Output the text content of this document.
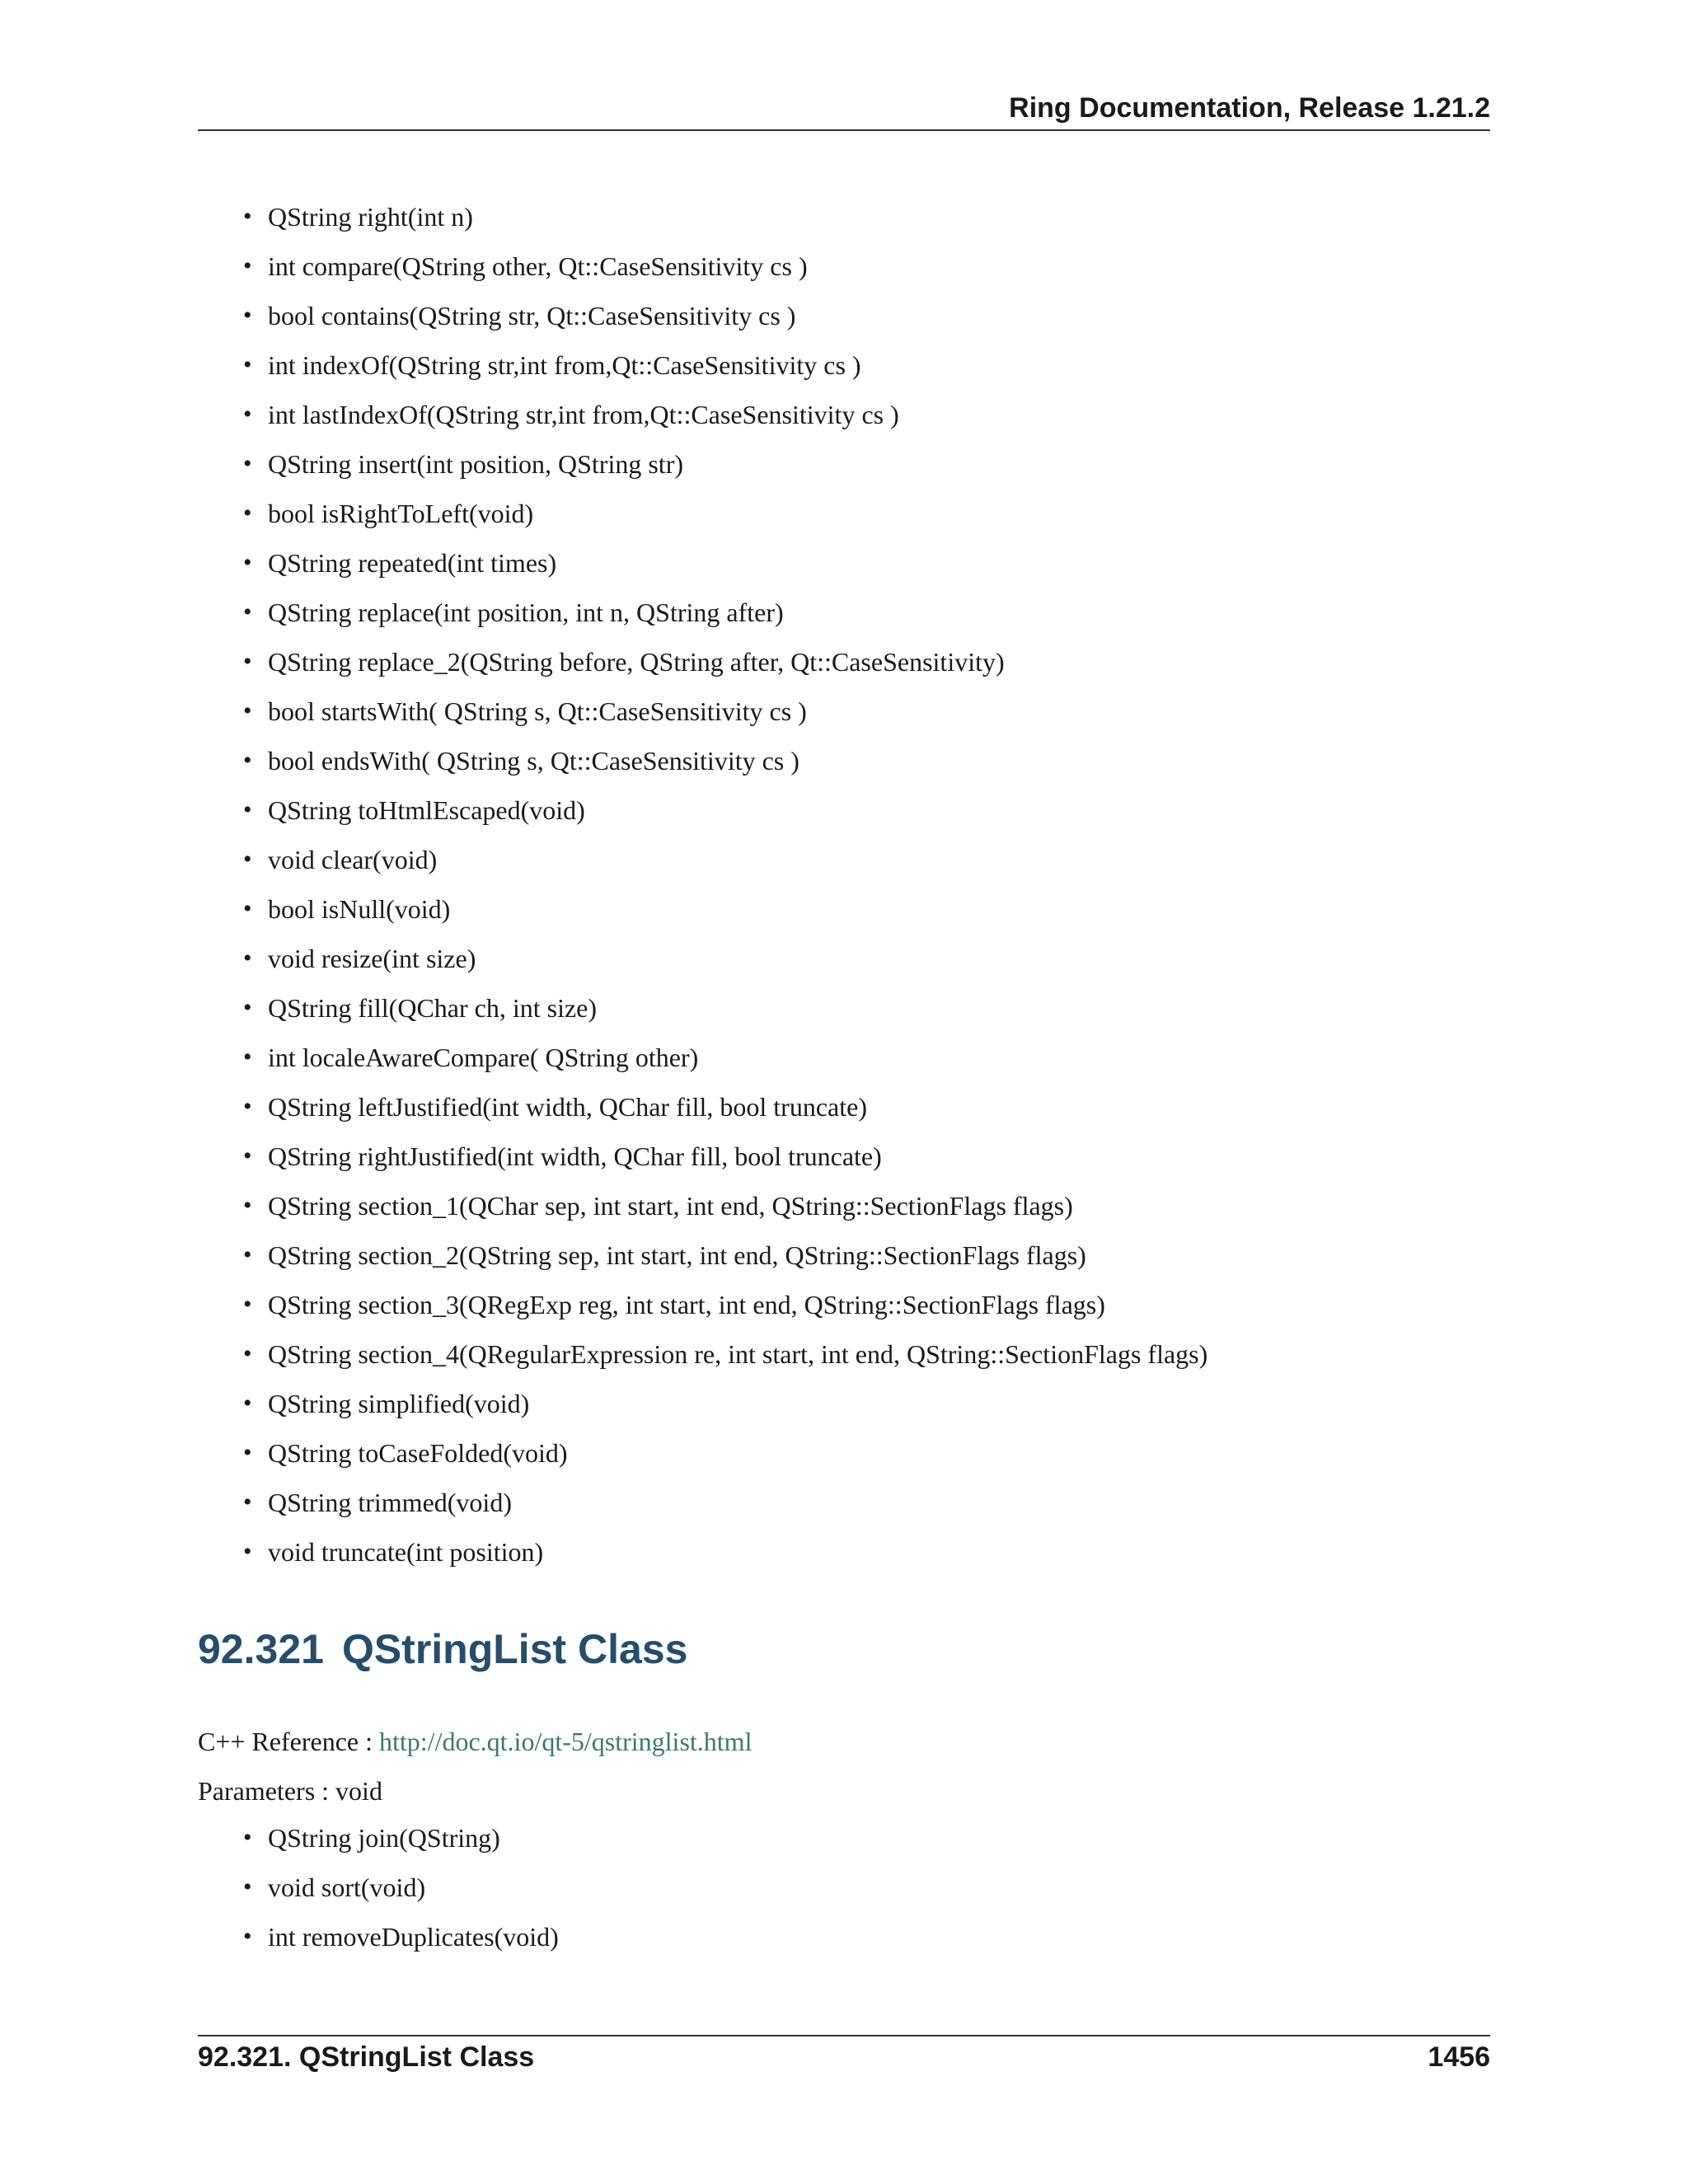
Ring Documentation, Release 1.21.2
• QString right(int n)
• int compare(QString other, Qt::CaseSensitivity cs )
• bool contains(QString str, Qt::CaseSensitivity cs )
• int indexOf(QString str,int from,Qt::CaseSensitivity cs )
• int lastIndexOf(QString str,int from,Qt::CaseSensitivity cs )
• QString insert(int position, QString str)
• bool isRightToLeft(void)
• QString repeated(int times)
• QString replace(int position, int n, QString after)
• QString replace_2(QString before, QString after, Qt::CaseSensitivity)
• bool startsWith( QString s, Qt::CaseSensitivity cs )
• bool endsWith( QString s, Qt::CaseSensitivity cs )
• QString toHtmlEscaped(void)
• void clear(void)
• bool isNull(void)
• void resize(int size)
• QString fill(QChar ch, int size)
• int localeAwareCompare( QString other)
• QString leftJustified(int width, QChar fill, bool truncate)
• QString rightJustified(int width, QChar fill, bool truncate)
• QString section_1(QChar sep, int start, int end, QString::SectionFlags flags)
• QString section_2(QString sep, int start, int end, QString::SectionFlags flags)
• QString section_3(QRegExp reg, int start, int end, QString::SectionFlags flags)
• QString section_4(QRegularExpression re, int start, int end, QString::SectionFlags flags)
• QString simplified(void)
• QString toCaseFolded(void)
• QString trimmed(void)
• void truncate(int position)
92.321 QStringList Class
C++ Reference : http://doc.qt.io/qt-5/qstringlist.html
Parameters : void
• QString join(QString)
• void sort(void)
• int removeDuplicates(void)
92.321. QStringList Class	1456
